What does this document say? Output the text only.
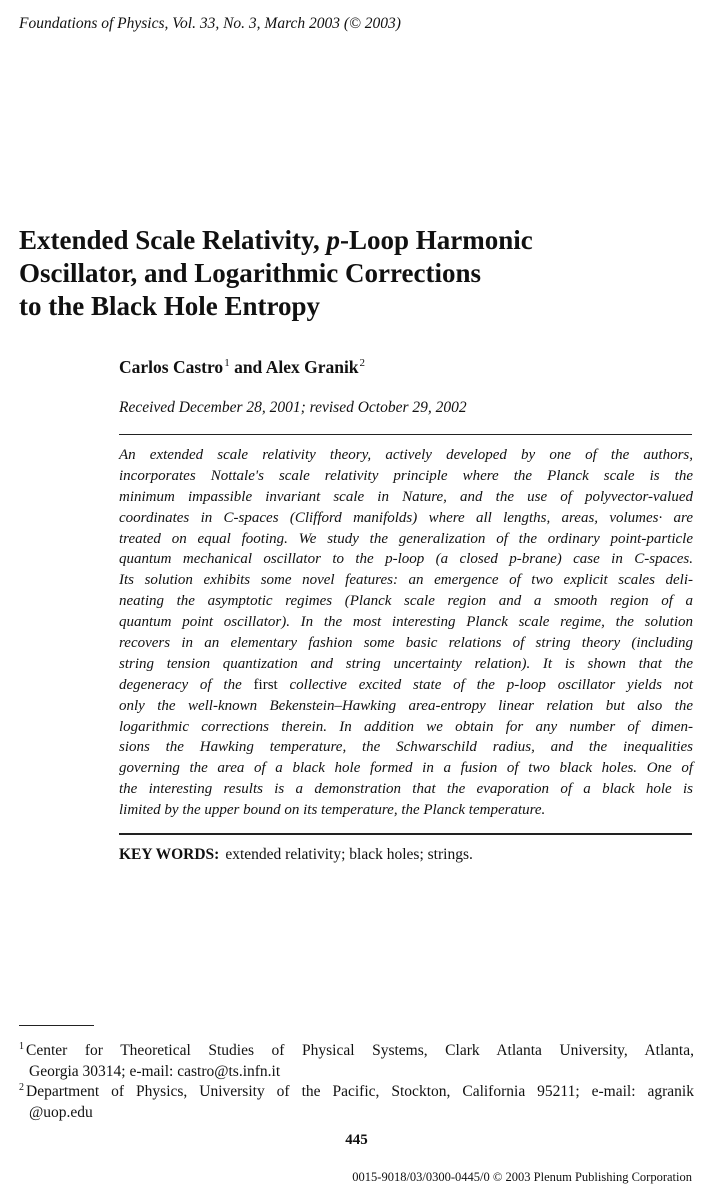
Foundations of Physics, Vol. 33, No. 3, March 2003 (© 2003)
Extended Scale Relativity, p-Loop Harmonic
Oscillator, and Logarithmic Corrections
to the Black Hole Entropy
Carlos Castro$^1$ and Alex Granik$^2$
Received December 28, 2001; revised October 29, 2002
An extended scale relativity theory, actively developed by one of the authors,
incorporates Nottale's scale relativity principle where the Planck scale is the
minimum impassible invariant scale in Nature, and the use of polyvector-valued
coordinates in C-spaces (Clifford manifolds) where all lengths, areas, volumes· are
treated on equal footing. We study the generalization of the ordinary point-particle
quantum mechanical oscillator to the p-loop (a closed p-brane) case in C-spaces.
Its solution exhibits some novel features: an emergence of two explicit scales deli-
neating the asymptotic regimes (Planck scale region and a smooth region of a
quantum point oscillator). In the most interesting Planck scale regime, the solution
recovers in an elementary fashion some basic relations of string theory (including
string tension quantization and string uncertainty relation). It is shown that the
degeneracy of the first collective excited state of the p-loop oscillator yields not
only the well-known Bekenstein–Hawking area-entropy linear relation but also the
logarithmic corrections therein. In addition we obtain for any number of dimen-
sions the Hawking temperature, the Schwarschild radius, and the inequalities
governing the area of a black hole formed in a fusion of two black holes. One of
the interesting results is a demonstration that the evaporation of a black hole is
limited by the upper bound on its temperature, the Planck temperature.
KEY WORDS: extended relativity; black holes; strings.
$^1$ Center for Theoretical Studies of Physical Systems, Clark Atlanta University, Atlanta,
Georgia 30314; e-mail: castro@ts.infn.it
$^2$ Department of Physics, University of the Pacific, Stockton, California 95211; e-mail: agranik
@uop.edu
445
0015-9018/03/0300-0445/0 © 2003 Plenum Publishing Corporation
